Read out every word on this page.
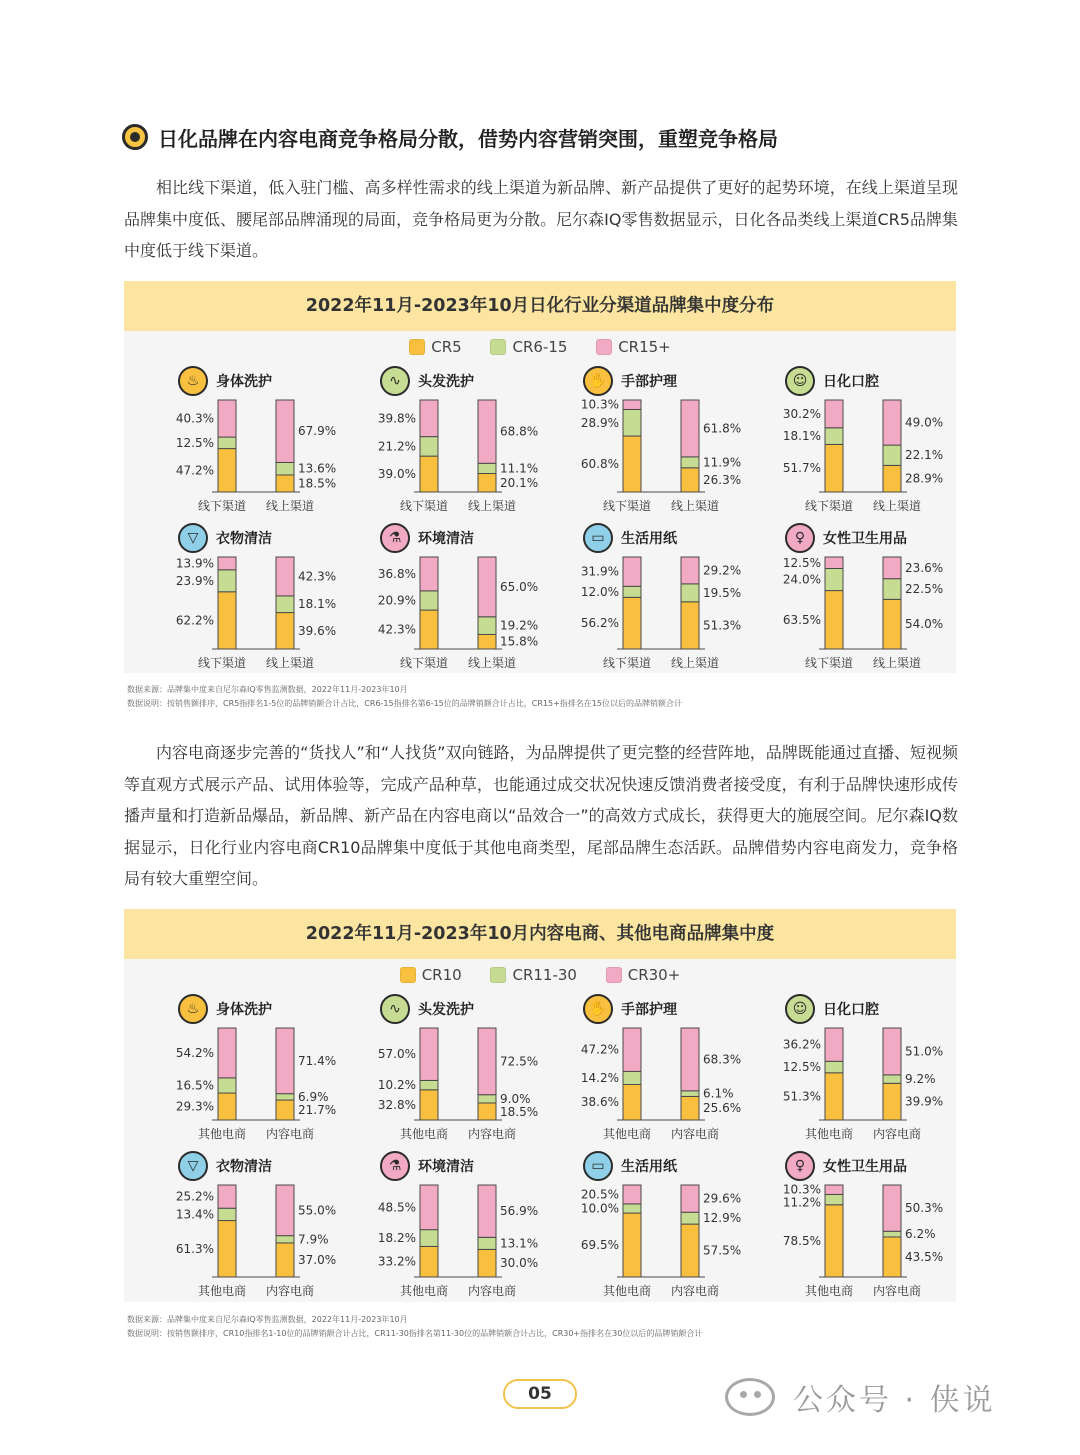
日化品牌在内容电商竞争格局分散，借势内容营销突围，重塑竞争格局

相比线下渠道，低入驻门槛、高多样性需求的线上渠道为新品牌、新产品提供了更好的起势环境，在线上渠道呈现品牌集中度低、腰尾部品牌涌现的局面，竞争格局更为分散。尼尔森IQ零售数据显示，日化各品类线上渠道CR5品牌集中度低于线下渠道。

2022年11月-2023年10月日化行业分渠道品牌集中度分布
CR5
	CR6-15
	CR15+
♨	身体洗护
40.3%
12.5%
47.2%
线下渠道
67.9%
13.6%
18.5%
线上渠道
∿	头发洗护
39.8%
21.2%
39.0%
线下渠道
68.8%
11.1%
20.1%
线上渠道
✋	手部护理
10.3%
28.9%
60.8%
线下渠道
61.8%
11.9%
26.3%
线上渠道
☺	日化口腔
30.2%
18.1%
51.7%
线下渠道
49.0%
22.1%
28.9%
线上渠道
▽	衣物清洁
13.9%
23.9%
62.2%
线下渠道
42.3%
18.1%
39.6%
线上渠道
⚗	环境清洁
36.8%
20.9%
42.3%
线下渠道
65.0%
19.2%
15.8%
线上渠道
▭	生活用纸
31.9%
12.0%
56.2%
线下渠道
29.2%
19.5%
51.3%
线上渠道
♀	女性卫生用品
12.5%
24.0%
63.5%
线下渠道
23.6%
22.5%
54.0%
线上渠道
数据来源：品牌集中度来自尼尔森IQ零售监测数据，2022年11月-2023年10月
数据说明：按销售额排序，CR5指排名1-5位的品牌销额合计占比，CR6-15指排名第6-15位的品牌销额合计占比，CR15+指排名在15位以后的品牌销额合计

内容电商逐步完善的“货找人”和“人找货”双向链路，为品牌提供了更完整的经营阵地，品牌既能通过直播、短视频等直观方式展示产品、试用体验等，完成产品种草，也能通过成交状况快速反馈消费者接受度，有利于品牌快速形成传播声量和打造新品爆品，新品牌、新产品在内容电商以“品效合一”的高效方式成长，获得更大的施展空间。尼尔森IQ数据显示，日化行业内容电商CR10品牌集中度低于其他电商类型，尾部品牌生态活跃。品牌借势内容电商发力，竞争格局有较大重塑空间。

2022年11月-2023年10月内容电商、其他电商品牌集中度
CR10
	CR11-30
	CR30+
♨	身体洗护
54.2%
16.5%
29.3%
其他电商
71.4%
6.9%
21.7%
内容电商
∿	头发洗护
57.0%
10.2%
32.8%
其他电商
72.5%
9.0%
18.5%
内容电商
✋	手部护理
47.2%
14.2%
38.6%
其他电商
68.3%
6.1%
25.6%
内容电商
☺	日化口腔
36.2%
12.5%
51.3%
其他电商
51.0%
9.2%
39.9%
内容电商
▽	衣物清洁
25.2%
13.4%
61.3%
其他电商
55.0%
7.9%
37.0%
内容电商
⚗	环境清洁
48.5%
18.2%
33.2%
其他电商
56.9%
13.1%
30.0%
内容电商
▭	生活用纸
20.5%
10.0%
69.5%
其他电商
29.6%
12.9%
57.5%
内容电商
♀	女性卫生用品
10.3%
11.2%
78.5%
其他电商
50.3%
6.2%
43.5%
内容电商
数据来源：品牌集中度来自尼尔森IQ零售监测数据，2022年11月-2023年10月
数据说明：按销售额排序，CR10指排名1-10位的品牌销额合计占比，CR11-30指排名第11-30位的品牌销额合计占比，CR30+指排名在30位以后的品牌销额合计
05	公众号 · 侠说
